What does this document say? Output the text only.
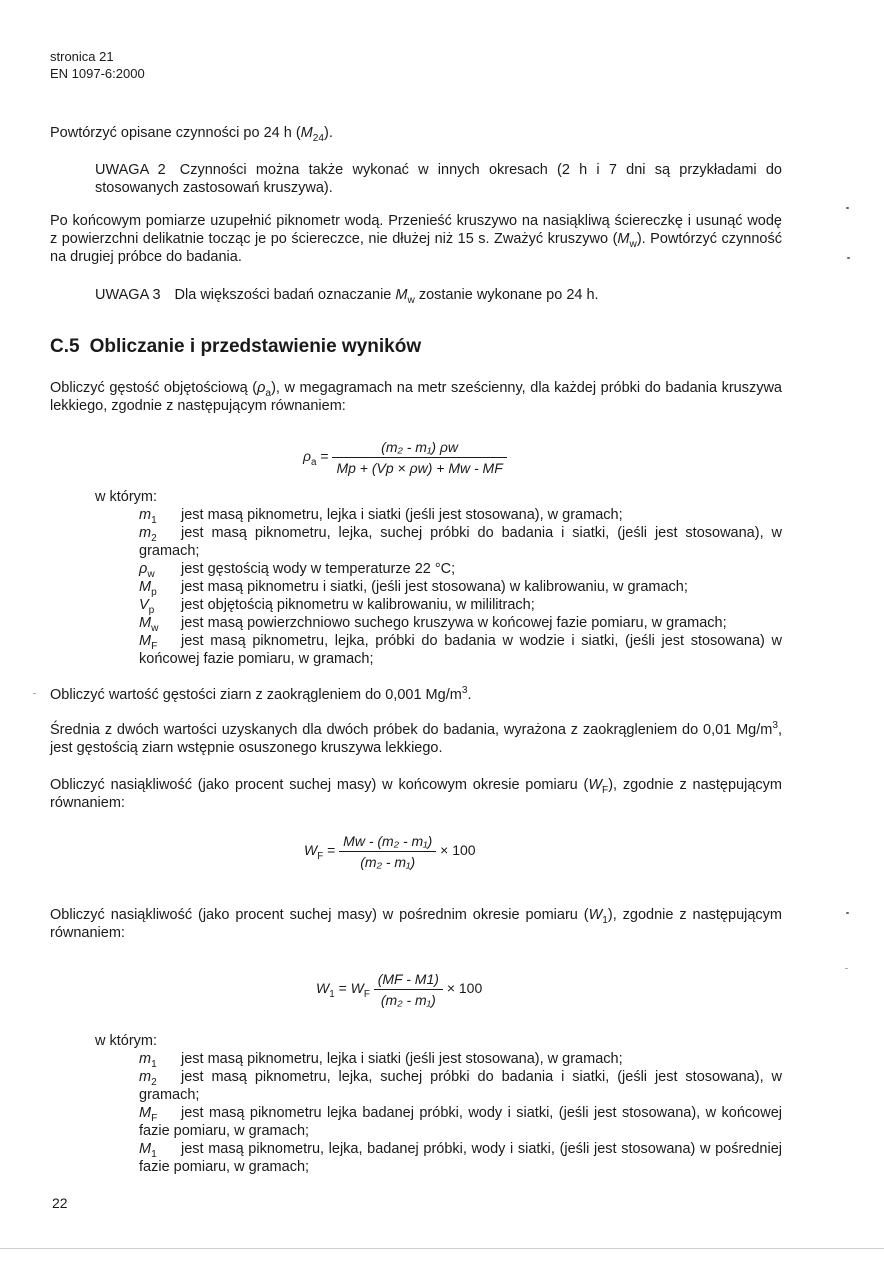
stronica 21
EN 1097-6:2000
Powtórzyć opisane czynności po 24 h $(M_{24})$.
UWAGA 2 Czynności można także wykonać w innych okresach (2 h i 7 dni są przykładami do stosowanych zastosowań kruszywa).
Po końcowym pomiarze uzupełnić piknometr wodą. Przenieść kruszywo na nasiąkliwą ściereczkę i usunąć wodę z powierzchni delikatnie tocząc je po ściereczce, nie dłużej niż 15 s. Zważyć kruszywo $(M_w)$. Powtórzyć czynność na drugiej próbce do badania.
UWAGA 3 Dla większości badań oznaczanie $M_w$ zostanie wykonane po 24 h.
C.5 Obliczanie i przedstawienie wyników
Obliczyć gęstość objętościową $(\rho_a)$, w megagramach na metr sześcienny, dla każdej próbki do badania kruszywa lekkiego, zgodnie z następującym równaniem:
$\rho_a = \frac{\text{(m₂ - m₁) ρw}}{Mp + (Vp \times \rho w) + Mw - MF}$
w którym:

$m_1$ jest masą piknometru, lejka i siatki (jeśli jest stosowana), w gramach;

$m_2$ jest masą piknometru, lejka, suchej próbki do badania i siatki, (jeśli jest stosowana), w gramach;

$\rho_w$ jest gęstością wody w temperaturze 22 °C;

$M_p$ jest masą piknometru i siatki, (jeśli jest stosowana) w kalibrowaniu, w gramach;

$V_p$ jest objętością piknometru w kalibrowaniu, w mililitrach;

$M_w$ jest masą powierzchniowo suchego kruszywa w końcowej fazie pomiaru, w gramach;

$M_F$ jest masą piknometru, lejka, próbki do badania w wodzie i siatki, (jeśli jest stosowana) w końcowej fazie pomiaru, w gramach;

Obliczyć wartość gęstości ziarn z zaokrągleniem do 0,001 $Mg/m^3$.
Średnia z dwóch wartości uzyskanych dla dwóch próbek do badania, wyrażona z zaokrągleniem do 0,01 $Mg/m^3$, jest gęstością ziarn wstępnie osuszonego kruszywa lekkiego.
Obliczyć nasiąkliwość (jako procent suchej masy) w końcowym okresie pomiaru $(W_F)$, zgodnie z następującym równaniem:
$W_F = \frac{\text{Mw - (m₂ - m₁)}}{\text{(m₂ - m₁)}} \times 100$
Obliczyć nasiąkliwość (jako procent suchej masy) w pośrednim okresie pomiaru $(W_1)$, zgodnie z następującym równaniem:
$W_1 = W_F \frac{(MF - M1)}{\text{(m₂ - m₁)}} \times 100$
w którym:

$m_1$ jest masą piknometru, lejka i siatki (jeśli jest stosowana), w gramach;

$m_2$ jest masą piknometru, lejka, suchej próbki do badania i siatki, (jeśli jest stosowana), w gramach;

$M_F$ jest masą piknometru lejka badanej próbki, wody i siatki, (jeśli jest stosowana), w końcowej fazie pomiaru, w gramach;

$M_1$ jest masą piknometru, lejka, badanej próbki, wody i siatki, (jeśli jest stosowana) w pośredniej fazie pomiaru, w gramach;

22
